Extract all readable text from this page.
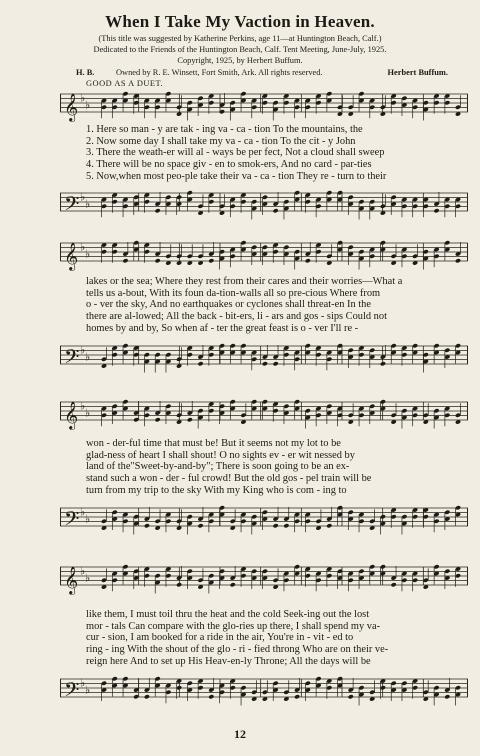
When I Take My Vaction in Heaven.
(This title was suggested by Katherine Perkins, age 11—at Huntington Beach, Calf.)
Dedicated to the Friends of the Huntington Beach, Calf. Tent Meeting, June-July, 1925.
Copyright, 1925, by Herbert Buffum.
H. B.	Owned by R. E. Winsett, Fort Smith, Ark. All rights reserved.	Herbert Buffum.
GOOD AS A DUET.
𝄞 ♭
♭
1. Here so man - y are tak - ing va - ca - tion To the mountains, the
2. Now some day I shall take my va - ca - tion To the cit - y John
3. There the weath-er will al - ways be per fect, Not a cloud shall sweep
4. There will be no space giv - en to smok-ers, And no card - par-ties
5. Now,when most peo-ple take their va - ca - tion They re - turn to their
𝄢 ♭
♭
𝄞 ♭
♭
lakes or the sea; Where they rest from their cares and their worries—What a
tells us a-bout, With its foun da-tion-walls all so pre-cious Where from
o - ver the sky, And no earthquakes or cyclones shall threat-en In the
there are al-lowed; All the back - bit-ers, li - ars and gos - sips Could not
homes by and by, So when af - ter the great feast is o - ver I'll re -
𝄢 ♭
♭
𝄞 ♭
♭
won - der-ful time that must be! But it seems not my lot to be
glad-ness of heart I shall shout! O no sights ev - er wit nessed by
land of the"Sweet-by-and-by"; There is soon going to be an ex-
stand such a won - der - ful crowd! But the old gos - pel train will be
turn from my trip to the sky With my King who is com - ing to
𝄢 ♭
♭
𝄞 ♭
♭
like them, I must toil thru the heat and the cold Seek-ing out the lost
mor - tals Can compare with the glo-ries up there, I shall spend my va-
cur - sion, I am booked for a ride in the air, You're in - vit - ed to
ring - ing With the shout of the glo - ri - fied throng Who are on their ve-
reign here And to set up His Heav-en-ly Throne; All the days will be
𝄢 ♭
♭
12
